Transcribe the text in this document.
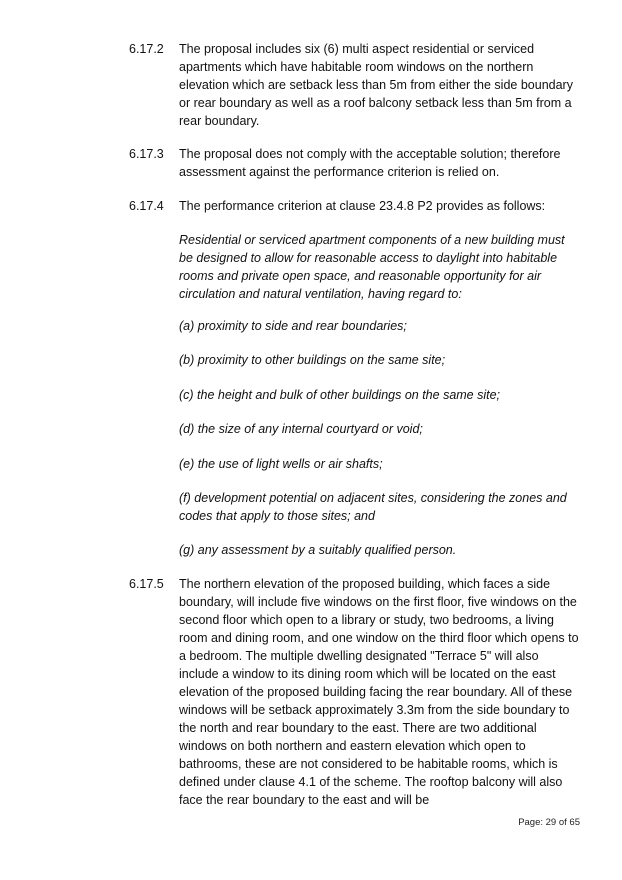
6.17.2 The proposal includes six (6) multi aspect residential or serviced apartments which have habitable room windows on the northern elevation which are setback less than 5m from either the side boundary or rear boundary as well as a roof balcony setback less than 5m from a rear boundary.
6.17.3 The proposal does not comply with the acceptable solution; therefore assessment against the performance criterion is relied on.
6.17.4 The performance criterion at clause 23.4.8 P2 provides as follows:
Residential or serviced apartment components of a new building must be designed to allow for reasonable access to daylight into habitable rooms and private open space, and reasonable opportunity for air circulation and natural ventilation, having regard to:
(a) proximity to side and rear boundaries;
(b) proximity to other buildings on the same site;
(c) the height and bulk of other buildings on the same site;
(d) the size of any internal courtyard or void;
(e) the use of light wells or air shafts;
(f) development potential on adjacent sites, considering the zones and codes that apply to those sites; and
(g) any assessment by a suitably qualified person.
6.17.5 The northern elevation of the proposed building, which faces a side boundary, will include five windows on the first floor, five windows on the second floor which open to a library or study, two bedrooms, a living room and dining room, and one window on the third floor which opens to a bedroom. The multiple dwelling designated "Terrace 5" will also include a window to its dining room which will be located on the east elevation of the proposed building facing the rear boundary. All of these windows will be setback approximately 3.3m from the side boundary to the north and rear boundary to the east. There are two additional windows on both northern and eastern elevation which open to bathrooms, these are not considered to be habitable rooms, which is defined under clause 4.1 of the scheme. The rooftop balcony will also face the rear boundary to the east and will be
Page: 29 of 65
